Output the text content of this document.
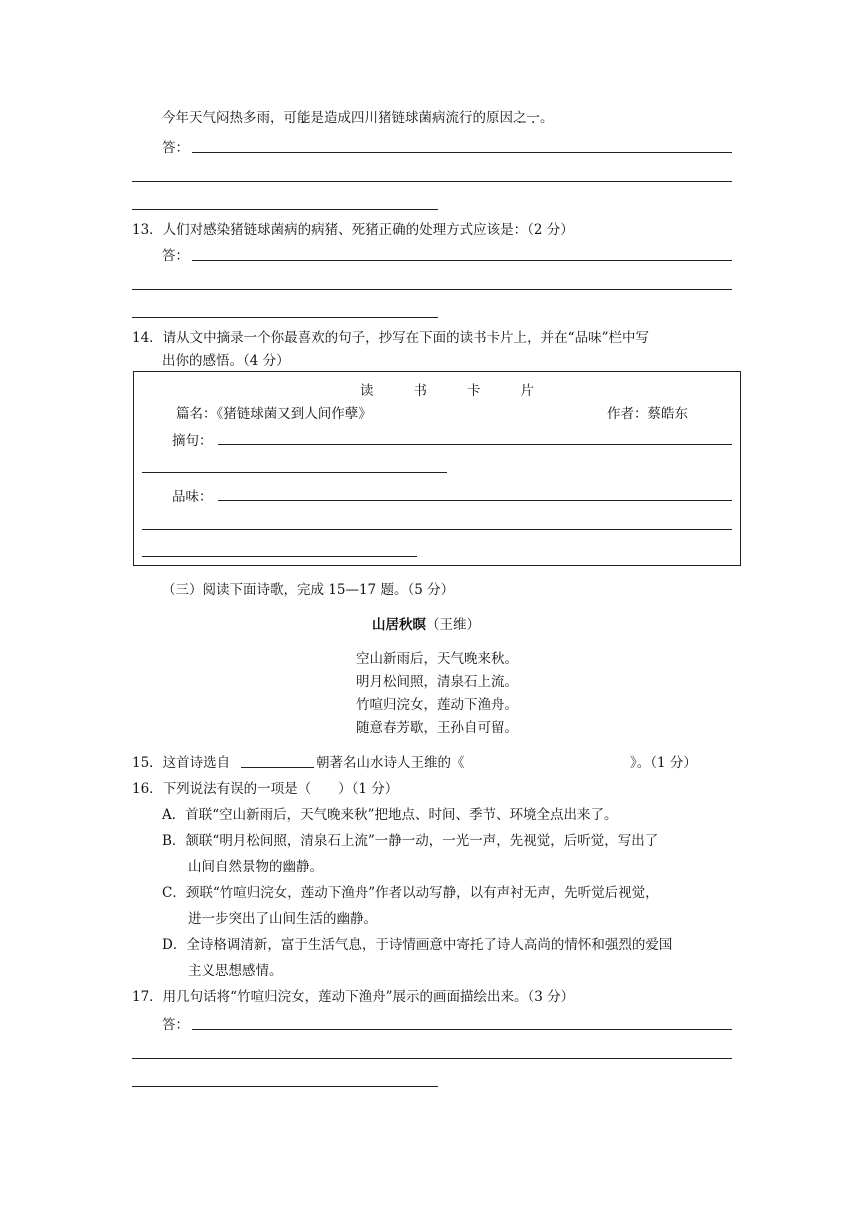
今年天气闷热多雨，可能是造成四川猪链球菌病流行的原因之一。
答：
13．人们对感染猪链球菌病的病猪、死猪正确的处理方式应该是：（2 分）
答：
14．请从文中摘录一个你最喜欢的句子，抄写在下面的读书卡片上，并在“品味”栏中写
出你的感悟。（4 分）
读	书	卡	片
篇名：《猪链球菌又到人间作孽》	作者：蔡皓东
摘句：
品味：
（三）阅读下面诗歌，完成 15—17 题。（5 分）
山居秋暝（王维）
空山新雨后，天气晚来秋。
明月松间照，清泉石上流。
竹喧归浣女，莲动下渔舟。
随意春芳歇，王孙自可留。
15．这首诗选自	朝著名山水诗人王维的《	》。（1 分）
16．下列说法有误的一项是（　　）（1 分）
A．首联“空山新雨后，天气晚来秋”把地点、时间、季节、环境全点出来了。
B．颔联“明月松间照，清泉石上流”一静一动，一光一声，先视觉，后听觉，写出了
山间自然景物的幽静。
C．颈联“竹喧归浣女，莲动下渔舟”作者以动写静，以有声衬无声，先听觉后视觉，
进一步突出了山间生活的幽静。
D．全诗格调清新，富于生活气息，于诗情画意中寄托了诗人高尚的情怀和强烈的爱国
主义思想感情。
17．用几句话将“竹喧归浣女，莲动下渔舟”展示的画面描绘出来。（3 分）
答：
